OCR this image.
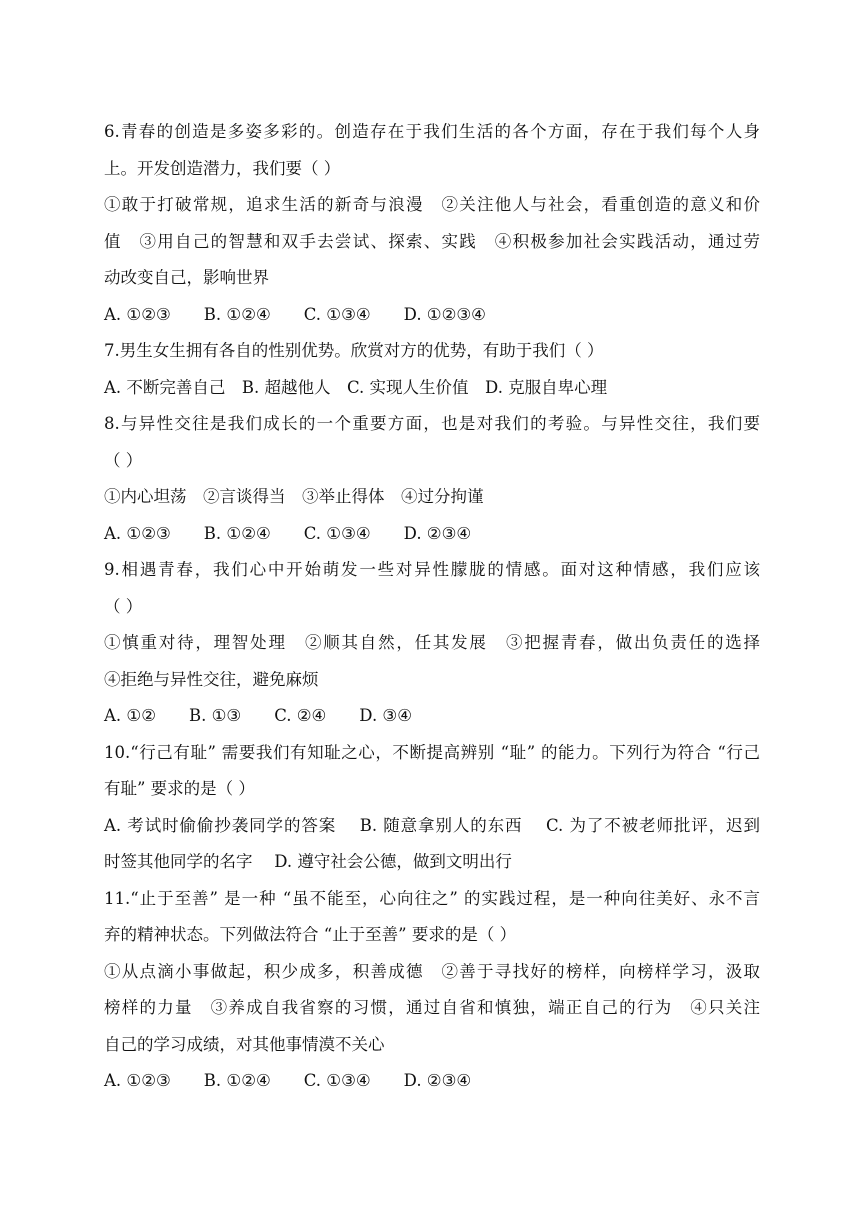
6.青春的创造是多姿多彩的。创造存在于我们生活的各个方面，存在于我们每个人身
上。开发创造潜力，我们要（ ）
①敢于打破常规，追求生活的新奇与浪漫　②关注他人与社会，看重创造的意义和价
值　③用自己的智慧和双手去尝试、探索、实践　④积极参加社会实践活动，通过劳
动改变自己，影响世界
A. ①②③　　B. ①②④　　C. ①③④　　D. ①②③④
7.男生女生拥有各自的性别优势。欣赏对方的优势，有助于我们（ ）
A. 不断完善自己　B. 超越他人　C. 实现人生价值　D. 克服自卑心理
8.与异性交往是我们成长的一个重要方面，也是对我们的考验。与异性交往，我们要
（ ）
①内心坦荡　②言谈得当　③举止得体　④过分拘谨
A. ①②③　　B. ①②④　　C. ①③④　　D. ②③④
9.相遇青春，我们心中开始萌发一些对异性朦胧的情感。面对这种情感，我们应该
（ ）
①慎重对待，理智处理　②顺其自然，任其发展　③把握青春，做出负责任的选择
④拒绝与异性交往，避免麻烦
A. ①②　　B. ①③　　C. ②④　　D. ③④
10.“行己有耻” 需要我们有知耻之心，不断提高辨别 “耻” 的能力。下列行为符合 “行己
有耻” 要求的是（ ）
A. 考试时偷偷抄袭同学的答案　 B. 随意拿别人的东西　 C. 为了不被老师批评，迟到
时签其他同学的名字　 D. 遵守社会公德，做到文明出行
11.“止于至善” 是一种 “虽不能至，心向往之” 的实践过程，是一种向往美好、永不言
弃的精神状态。下列做法符合 “止于至善” 要求的是（ ）
①从点滴小事做起，积少成多，积善成德　②善于寻找好的榜样，向榜样学习，汲取
榜样的力量　③养成自我省察的习惯，通过自省和慎独，端正自己的行为　④只关注
自己的学习成绩，对其他事情漠不关心
A. ①②③　　B. ①②④　　C. ①③④　　D. ②③④
